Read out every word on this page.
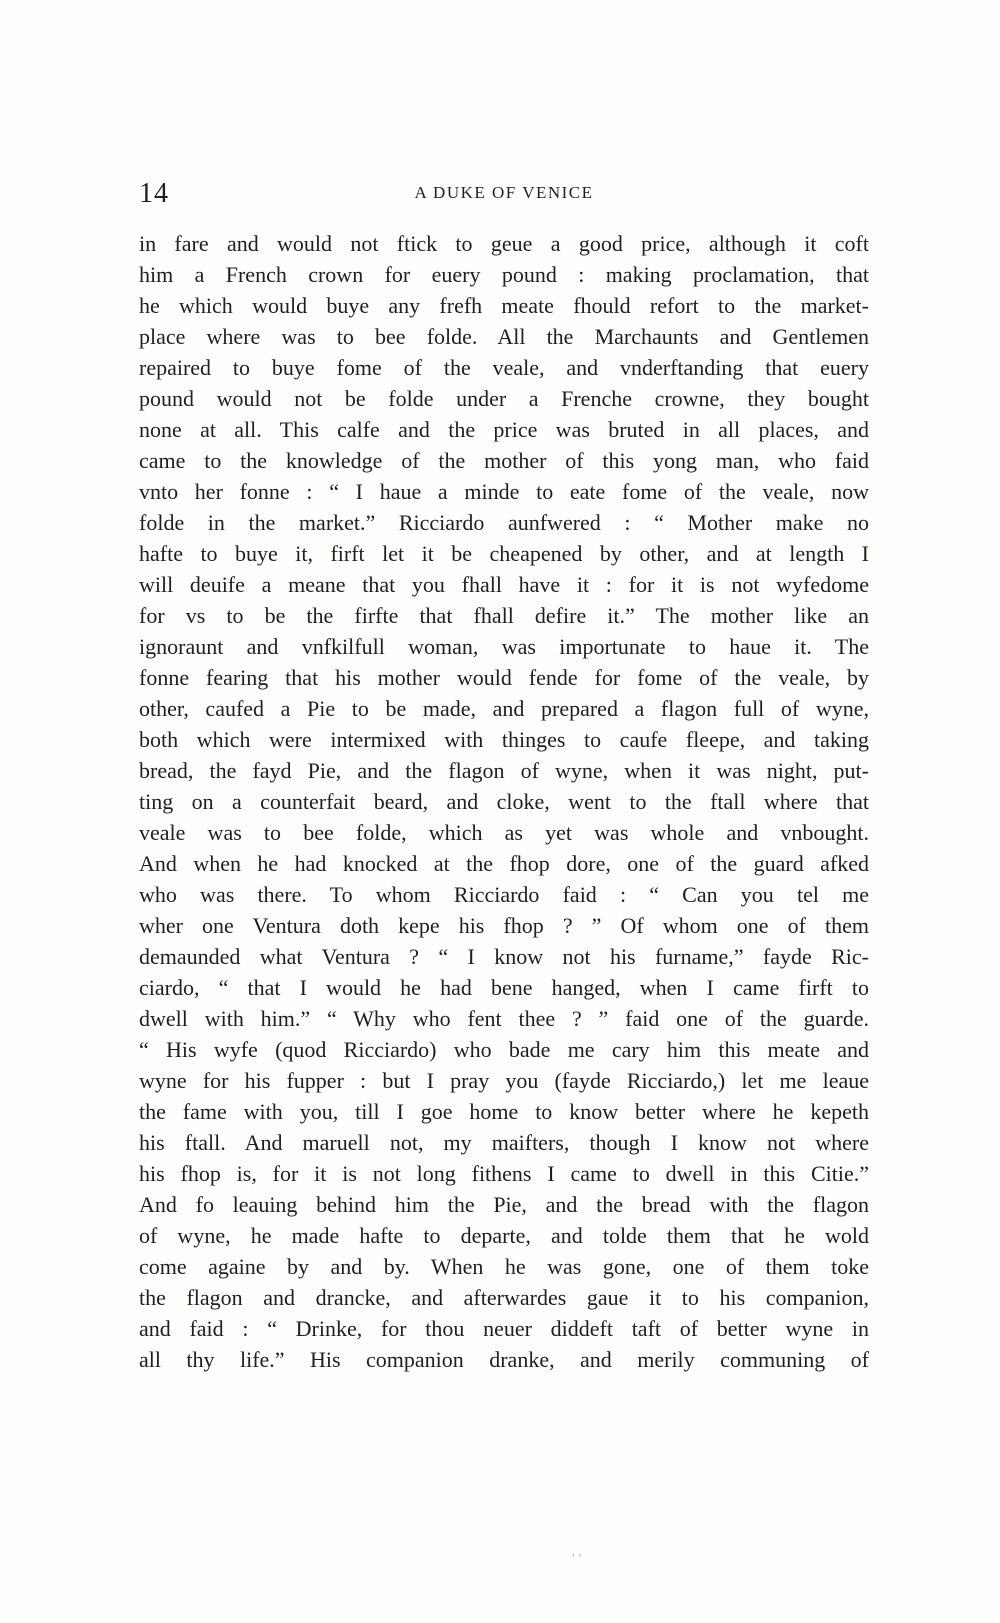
14	A DUKE OF VENICE
in fare and would not ftick to geue a good price, although it coft
him a French crown for euery pound : making proclamation, that
he which would buye any frefh meate fhould refort to the market-
place where was to bee folde. All the Marchaunts and Gentlemen
repaired to buye fome of the veale, and vnderftanding that euery
pound would not be folde under a Frenche crowne, they bought
none at all. This calfe and the price was bruted in all places, and
came to the knowledge of the mother of this yong man, who faid
vnto her fonne : “ I haue a minde to eate fome of the veale, now
folde in the market.” Ricciardo aunfwered : “ Mother make no
hafte to buye it, firft let it be cheapened by other, and at length I
will deuife a meane that you fhall have it : for it is not wyfedome
for vs to be the firfte that fhall defire it.” The mother like an
ignoraunt and vnfkilfull woman, was importunate to haue it. The
fonne fearing that his mother would fende for fome of the veale, by
other, caufed a Pie to be made, and prepared a flagon full of wyne,
both which were intermixed with thinges to caufe fleepe, and taking
bread, the fayd Pie, and the flagon of wyne, when it was night, put-
ting on a counterfait beard, and cloke, went to the ftall where that
veale was to bee folde, which as yet was whole and vnbought.
And when he had knocked at the fhop dore, one of the guard afked
who was there. To whom Ricciardo faid : “ Can you tel me
wher one Ventura doth kepe his fhop ? ” Of whom one of them
demaunded what Ventura ? “ I know not his furname,” fayde Ric-
ciardo, “ that I would he had bene hanged, when I came firft to
dwell with him.” “ Why who fent thee ? ” faid one of the guarde.
“ His wyfe (quod Ricciardo) who bade me cary him this meate and
wyne for his fupper : but I pray you (fayde Ricciardo,) let me leaue
the fame with you, till I goe home to know better where he kepeth
his ftall. And maruell not, my maifters, though I know not where
his fhop is, for it is not long fithens I came to dwell in this Citie.”
And fo leauing behind him the Pie, and the bread with the flagon
of wyne, he made hafte to departe, and tolde them that he wold
come againe by and by. When he was gone, one of them toke
the flagon and drancke, and afterwardes gaue it to his companion,
and faid : “ Drinke, for thou neuer diddeft taft of better wyne in
all thy life.” His companion dranke, and merily communing of
′ ′
